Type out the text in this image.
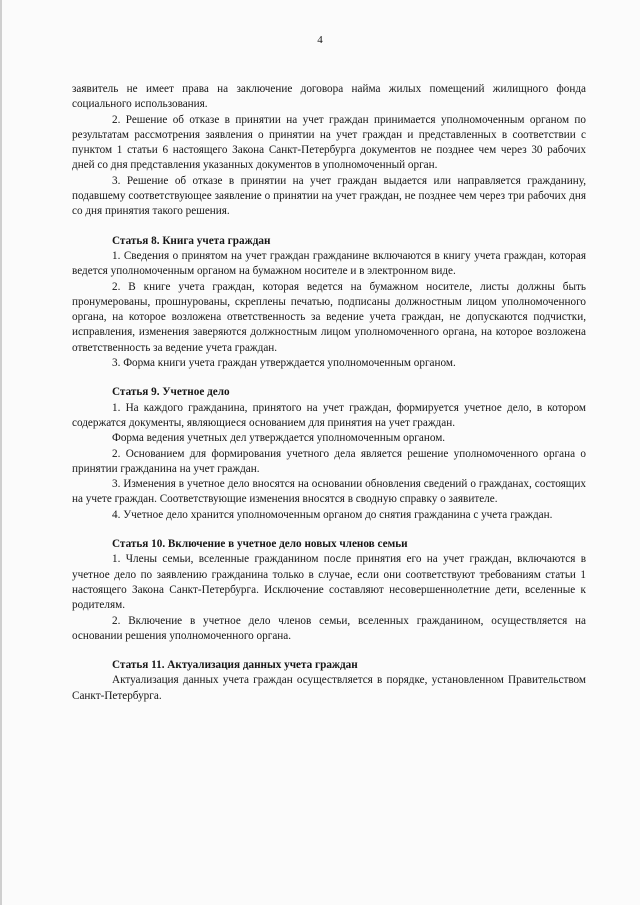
4

заявитель не имеет права на заключение договора найма жилых помещений жилищного фонда социального использования.

2. Решение об отказе в принятии на учет граждан принимается уполномоченным органом по результатам рассмотрения заявления о принятии на учет граждан и представленных в соответствии с пунктом 1 статьи 6 настоящего Закона Санкт-Петербурга документов не позднее чем через 30 рабочих дней со дня представления указанных документов в уполномоченный орган.

3. Решение об отказе в принятии на учет граждан выдается или направляется гражданину, подавшему соответствующее заявление о принятии на учет граждан, не позднее чем через три рабочих дня со дня принятия такого решения.

Статья 8. Книга учета граждан

1. Сведения о принятом на учет граждан гражданине включаются в книгу учета граждан, которая ведется уполномоченным органом на бумажном носителе и в электронном виде.

2. В книге учета граждан, которая ведется на бумажном носителе, листы должны быть пронумерованы, прошнурованы, скреплены печатью, подписаны должностным лицом уполномоченного органа, на которое возложена ответственность за ведение учета граждан, не допускаются подчистки, исправления, изменения заверяются должностным лицом уполномоченного органа, на которое возложена ответственность за ведение учета граждан.

3. Форма книги учета граждан утверждается уполномоченным органом.

Статья 9. Учетное дело

1. На каждого гражданина, принятого на учет граждан, формируется учетное дело, в котором содержатся документы, являющиеся основанием для принятия на учет граждан.

Форма ведения учетных дел утверждается уполномоченным органом.

2. Основанием для формирования учетного дела является решение уполномоченного органа о принятии гражданина на учет граждан.

3. Изменения в учетное дело вносятся на основании обновления сведений о гражданах, состоящих на учете граждан. Соответствующие изменения вносятся в сводную справку о заявителе.

4. Учетное дело хранится уполномоченным органом до снятия гражданина с учета граждан.

Статья 10. Включение в учетное дело новых членов семьи

1. Члены семьи, вселенные гражданином после принятия его на учет граждан, включаются в учетное дело по заявлению гражданина только в случае, если они соответствуют требованиям статьи 1 настоящего Закона Санкт-Петербурга. Исключение составляют несовершеннолетние дети, вселенные к родителям.

2. Включение в учетное дело членов семьи, вселенных гражданином, осуществляется на основании решения уполномоченного органа.

Статья 11. Актуализация данных учета граждан

Актуализация данных учета граждан осуществляется в порядке, установленном Правительством Санкт-Петербурга.
